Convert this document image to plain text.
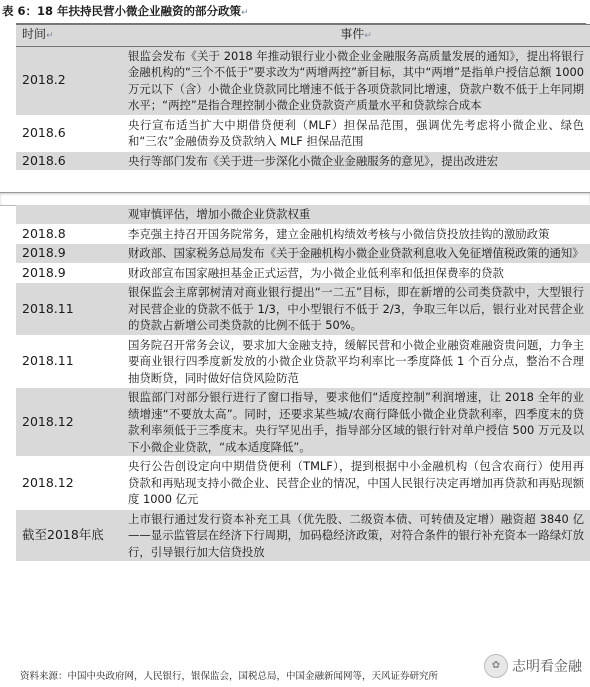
表 6：18 年扶持民营小微企业融资的部分政策↵
时间↵	事件↵
2018.2	银监会发布《关于 2018 年推动银行业小微企业金融服务高质量发展的通知》，提出将银行金融机构的“三个不低于”要求改为“两增两控”新目标，其中“两增”是指单户授信总额 1000 万元以下（含）小微企业贷款同比增速不低于各项贷款同比增速，贷款户数不低于上年同期水平；“两控”是指合理控制小微企业贷款资产质量水平和贷款综合成本
2018.6	央行宣布适当扩大中期借贷便利（MLF）担保品范围，强调优先考虑将小微企业、绿色和“三农”金融债券及贷款纳入 MLF 担保品范围
2018.6	央行等部门发布《关于进一步深化小微企业金融服务的意见》，提出改进宏
	观审慎评估，增加小微企业贷款权重
2018.8	李克强主持召开国务院常务，建立金融机构绩效考核与小微信贷投放挂钩的激励政策
2018.9	财政部、国家税务总局发布《关于金融机构小微企业贷款利息收入免征增值税政策的通知》
2018.9	财政部宣布国家融担基金正式运营，为小微企业低利率和低担保费率的贷款
2018.11	银保监会主席郭树清对商业银行提出“一二五”目标，即在新增的公司类贷款中，大型银行对民营企业的贷款不低于 1/3，中小型银行不低于 2/3，争取三年以后，银行业对民营企业的贷款占新增公司类贷款的比例不低于 50%。
2018.11	国务院召开常务会议，要求加大金融支持，缓解民营和小微企业融资难融资贵问题，力争主要商业银行四季度新发放的小微企业贷款平均利率比一季度降低 1 个百分点，整治不合理抽贷断贷，同时做好信贷风险防范
2018.12	银监部门对部分银行进行了窗口指导，要求他们“适度控制”利润增速，让 2018 全年的业绩增速“不要放太高”。同时，还要求某些城/农商行降低小微企业贷款利率，四季度末的贷款利率须低于三季度末。央行罕见出手，指导部分区域的银行针对单户授信 500 万元及以下小微企业贷款，“成本适度降低”。
2018.12	央行公告创设定向中期借贷便利（TMLF），提到根据中小金融机构（包含农商行）使用再贷款和再贴现支持小微企业、民营企业的情况，中国人民银行决定再增加再贷款和再贴现额度 1000 亿元
截至2018年底	上市银行通过发行资本补充工具（优先股、二级资本债、可转债及定增）融资超 3840 亿——显示监管层在经济下行周期，加码稳经济政策，对符合条件的银行补充资本一路绿灯放行，引导银行加大信贷投放
资料来源：中国中央政府网，人民银行，银保监会，国税总局，中国金融新闻网等，天风证券研究所
✿ 志明看金融
